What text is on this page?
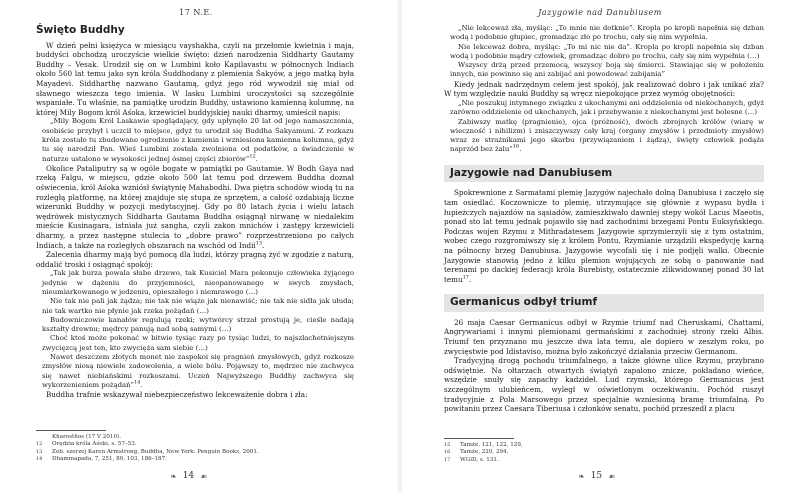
17 N.E.
Święto Buddhy

W dzień pełni księżyca w miesiącu vayshakha, czyli na przełomie kwietnia i maja, buddyści obchodzą uroczyście wielkie święto: dzień narodzenia Siddharty Gautamy Buddhy – Vesak. Urodził się on w Lumbini koło Kapilavastu w północnych Indiach około 560 lat temu jako syn króla Śuddhodany z plemienia Śakyów, a jego matką była Mayadevi. Siddharthę nazwano Gautamą, gdyż jego ród wywodził się miał od sławnego wieszcza tego imienia. W lasku Lumbini uroczystości są szczególnie wspaniałe. Tu właśnie, na pamiątkę urodzin Buddhy, ustawiono kamienną kolumnę, na której Mily Bogom król Aśoka, krzewiciel buddyjskiej nauki dharmy, umieścił napis:

„Mily Bogom Król Laskawie spoglądający, gdy upłynęło 20 lat od jego namaszczenia, osobiście przybył i uczcił to miejsce, gdyż tu urodził się Buddha Śakyamuni. Z rozkazu króla zostało tu zbudowane ogrodzenie z kamienia i wzniesiona kamienna kolumna, gdyż tu się narodził Pan. Wieś Lumbini została zwolniona od podatków, a świadczenie w naturze ustalono w wysokości jednej ósmej części zbiorów”$^{12}$.

Okolice Pataliputry są w ogóle bogate w pamiątki po Gautamie. W Bodh Gaya nad rzeką Falgu, w miejscu, gdzie około 500 lat temu pod drzewem Buddha doznał oświecenia, król Aśoka wzniósł świątynię Mahabodhi. Dwa piętra schodów wiodą tu na rozległą platformę, na której znajduje się stupa ze sprzętem, a całość ozdabiają liczne wizerunki Buddhy w pozycji medytacyjnej. Gdy po 80 latach życia i wielu latach wędrówek mistycznych Siddharta Gautama Buddha osiągnął nirwanę w niedalekim mieście Kusinagara, istniała już sangha, czyli zakon mnichów i zastępy krzewicieli dharmy, a przez następne stulecia to „dobre prawo” rozprzestrzeniono po całych Indiach, a także na rozległych obszarach na wschód od Indii$^{13}$.

Zalecenia dharmy mają być pomocą dla ludzi, którzy pragną żyć w zgodzie z naturą, oddalić troski i osiągnąć spokój:

„Tak jak burza powala słabe drzewo, tak Kusiciel Mara pokonuje człowieka żyjącego jedynie w dążeniu do przyjemności, nieopanowanego w swych zmysłach, nieumiarkowanego w jedzeniu, opieszałego i niemrawego (…)

Nie tak nie pali jak żądza; nie tak nie wiąże jak nienawiść; nie tak nie sidła jak ułuda; nie tak wartko nie płynie jak rzeka pożądań (…)

Budowniczowie kanałów regulują rzeki; wytwórcy strzał prostują je, cieśle nadają kształty drewnu; mędrcy panują nad sobą samymi (…)

Choć ktoś może pokonać w bitwie tysiąc razy po tysiąc ludzi, to najszlachetniejszym zwycięzcą jest ten, kto zwycięża sam siebie (…)

Nawet deszczem złotych monet nie zaspokoi się pragnień zmysłowych, gdyż rozkosze zmysłów niosą niewiele zadowolenia, a wiele bólu. Pojąwszy to, mędrzec nie zachwyca się nawet niebiańskimi rozkoszami. Uczeń Najwyższego Buddhy zachwyca się wykorzenieniem pożądań”$^{14}$.

Buddha trafnie wskazywał niebezpieczeństwo lekceważenie dobra i zła:

Kharosthos (17 V 2010).
12	Orędzia króla Aśoki, s. 57–53.
13	Zob. szerzej Karen Armstrong, Buddha, New York: Penguin Books, 2001.
14	Dhammapada, 7, 251, 80, 103, 186–187.
❧ 14 ☙
Jazygowie nad Danubiusem

„Nie lekceważ zła, myśląc: „To mnie nie dotknie”. Kropla po kropli napełnia się dzban wodą i podobnie głupiec, gromadząc zło po trochu, cały się nim wypełnia.

Nie lekceważ dobra, myśląc: „To mi nic nie da”. Kropla po kropli napełnia się dzban wodą i podobnie mądry człowiek, gromadząc dobro po trochu, cały się nim wypełnia (…)

Wszyscy drżą przed przemocą, wszyscy boją się śmierci. Stawiając się w położeniu innych, nie powinno się ani zabijać ani powodować zabijania”

Kiedy jednak nadrzędnym celem jest spokój, jak realizować dobro i jak unikać zła? W tym względzie nauki Buddhy są wręcz niepokojące przez wymóg obojętności:

„Nie poszukuj intymnego związku z ukochanymi ani oddzielenia od niekochanych, gdyż zarówno oddzielenie od ukochanych, jak i przebywanie z niekochanymi jest bolesne (…)

Zabiwszy matkę (pragnienie), ojca (próżność), dwóch zbrojnych królów (wiarę w wieczność i nihilizm) i zniszczywszy cały kraj (organy zmysłów i przedmioty zmysłów) wraz ze strażnikami jego skarbu (przywiązaniem i żądzą), święty człowiek podąża naprzód bez żalu”$^{16}$.

Jazygowie nad Danubiusem

Spokrewnione z Sarmatami plemię Jazygów najechało dolną Danubiusa i zaczęło się tam osiedlać. Koczownicze to plemię, utrzymujące się głównie z wypasu bydła i łupieżczych najazdów na sąsiadów, zamieszkiwało dawniej stepy wokół Lacus Maeotis, ponad sto lat temu jednak pojawiło się nad zachodnimi brzegami Pontu Euksyńskiego. Podczas wojen Rzymu z Mithradatesem Jazygowie sprzymierzyli się z tym ostatnim, wobec czego rozgromiwszy się z królem Pontu, Rzymianie urządzili ekspedycję karną na północny brzeg Danubiusa. Jazygowie wycofali się i nie podjęli walki. Obecnie Jazygowie stanowią jedno z kilku plemion wojujących ze sobą o panowanie nad terenami po dackiej federacji króla Burebisty, ostatecznie zlikwidowanej ponad 30 lat temu$^{17}$.

Germanicus odbył triumf

26 maja Caesar Germanicus odbył w Rzymie triumf nad Cheruskami, Chattami, Angrywariami i innymi plemionami germańskimi z zachodniej strony rzeki Albis. Triumf ten przyznano mu jeszcze dwa lata temu, ale dopiero w zeszłym roku, po zwycięstwie pod Idistaviso, można było zakończyć działania przeciw Germanom.

Tradycyjną drogą pochodu triumfalnego, a także główne ulice Rzymu, przybrano odświętnie. Na ołtarzach otwartych świątyń zapalono znicze, pokładano wieńce, wszędzie snuły się zapachy kadzideł. Lud rzymski, którego Germanicus jest szczególnym ulubieńcem, wyległ w oświetlonym oczekiwaniu. Pochód ruszył tradycyjnie z Pola Marsowego przez specjalnie wzniesioną bramę triumfalną. Po powitaniu przez Caesara Tiberiusa i członków senatu, pochód przeszedł z placu

15	Tamże, 121, 122, 129,
16	Tamże, 220, 294.
17	WGiD, s. 131.
❧ 15 ☙
